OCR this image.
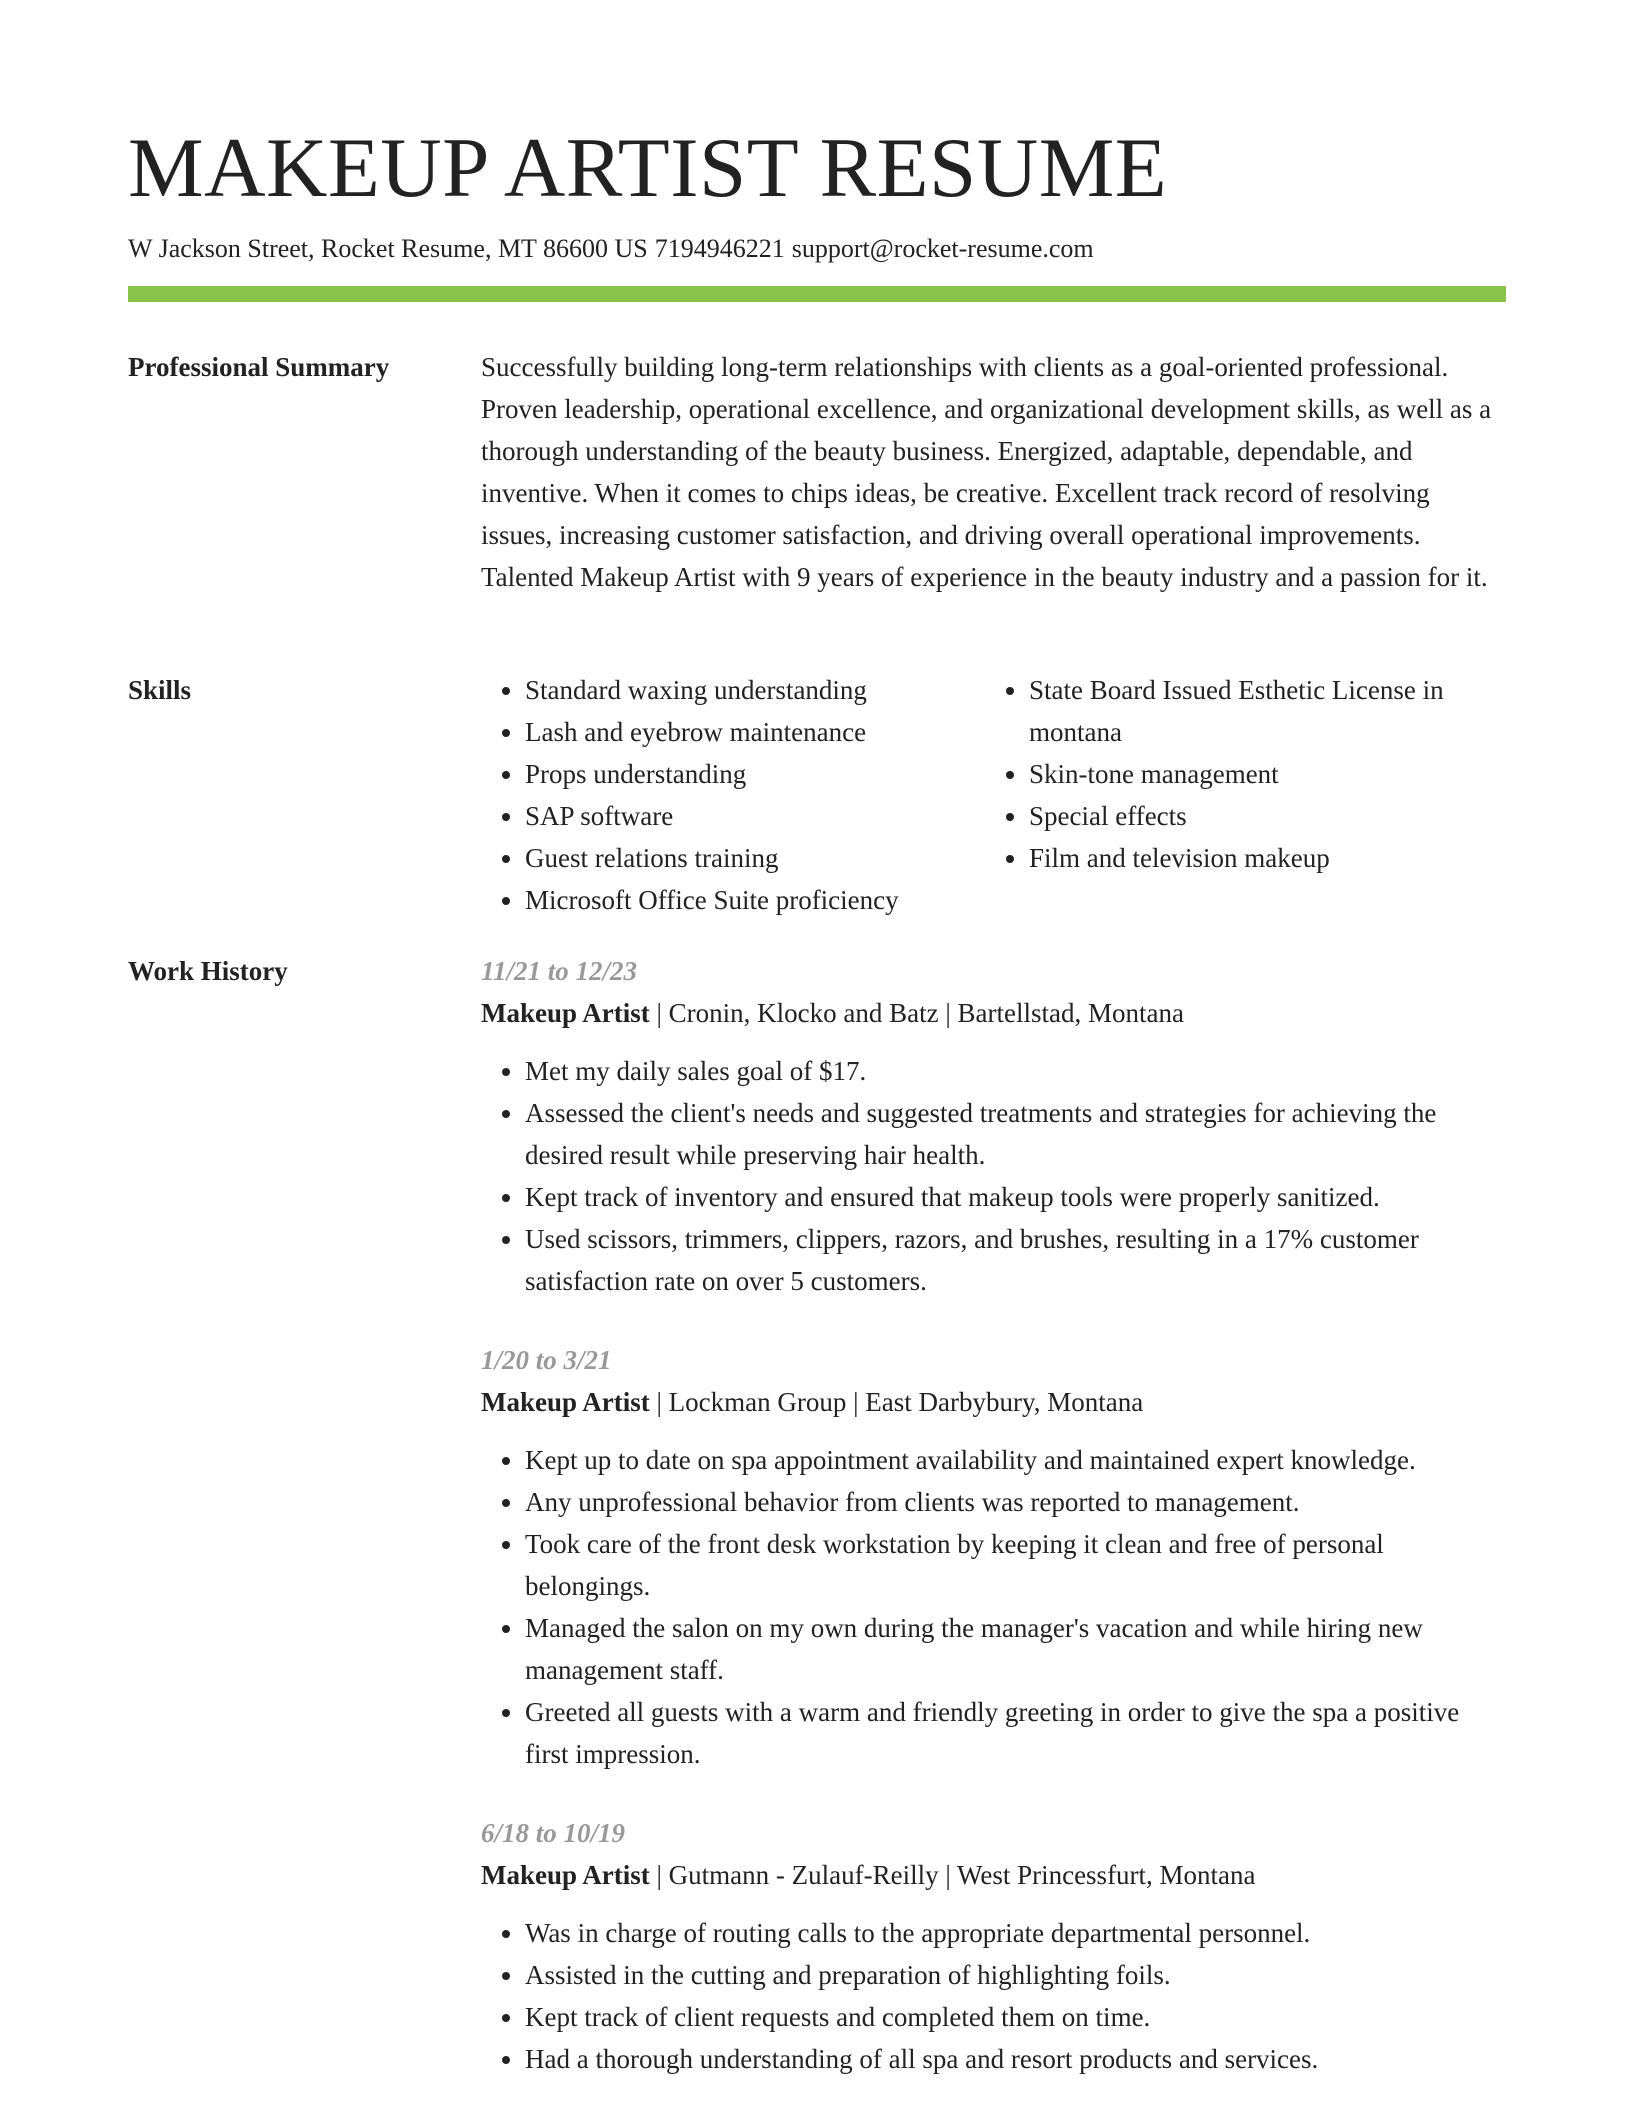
MAKEUP ARTIST RESUME
W Jackson Street, Rocket Resume, MT 86600 US 7194946221 support@rocket-resume.com
Professional Summary	Successfully building long-term relationships with clients as a goal-oriented professional. Proven leadership, operational excellence, and organizational development skills, as well as a thorough understanding of the beauty business. Energized, adaptable, dependable, and inventive. When it comes to chips ideas, be creative. Excellent track record of resolving issues, increasing customer satisfaction, and driving overall operational improvements. Talented Makeup Artist with 9 years of experience in the beauty industry and a passion for it.

Skills
•	Standard waxing understanding
• Lash and eyebrow maintenance
• Props understanding
• SAP software
• Guest relations training
• Microsoft Office Suite proficiency
• State Board Issued Esthetic License in montana
• Skin-tone management
• Special effects
• Film and television makeup
Work History	11/21 to 12/23
Makeup Artist | Cronin, Klocko and Batz | Bartellstad, Montana
• Met my daily sales goal of $17.
• Assessed the client's needs and suggested treatments and strategies for achieving the desired result while preserving hair health.
• Kept track of inventory and ensured that makeup tools were properly sanitized.
• Used scissors, trimmers, clippers, razors, and brushes, resulting in a 17% customer satisfaction rate on over 5 customers.
1/20 to 3/21
Makeup Artist | Lockman Group | East Darbybury, Montana
• Kept up to date on spa appointment availability and maintained expert knowledge.
• Any unprofessional behavior from clients was reported to management.
• Took care of the front desk workstation by keeping it clean and free of personal belongings.
• Managed the salon on my own during the manager's vacation and while hiring new management staff.
• Greeted all guests with a warm and friendly greeting in order to give the spa a positive first impression.
6/18 to 10/19
Makeup Artist | Gutmann - Zulauf-Reilly | West Princessfurt, Montana
• Was in charge of routing calls to the appropriate departmental personnel.
• Assisted in the cutting and preparation of highlighting foils.
• Kept track of client requests and completed them on time.
• Had a thorough understanding of all spa and resort products and services.
